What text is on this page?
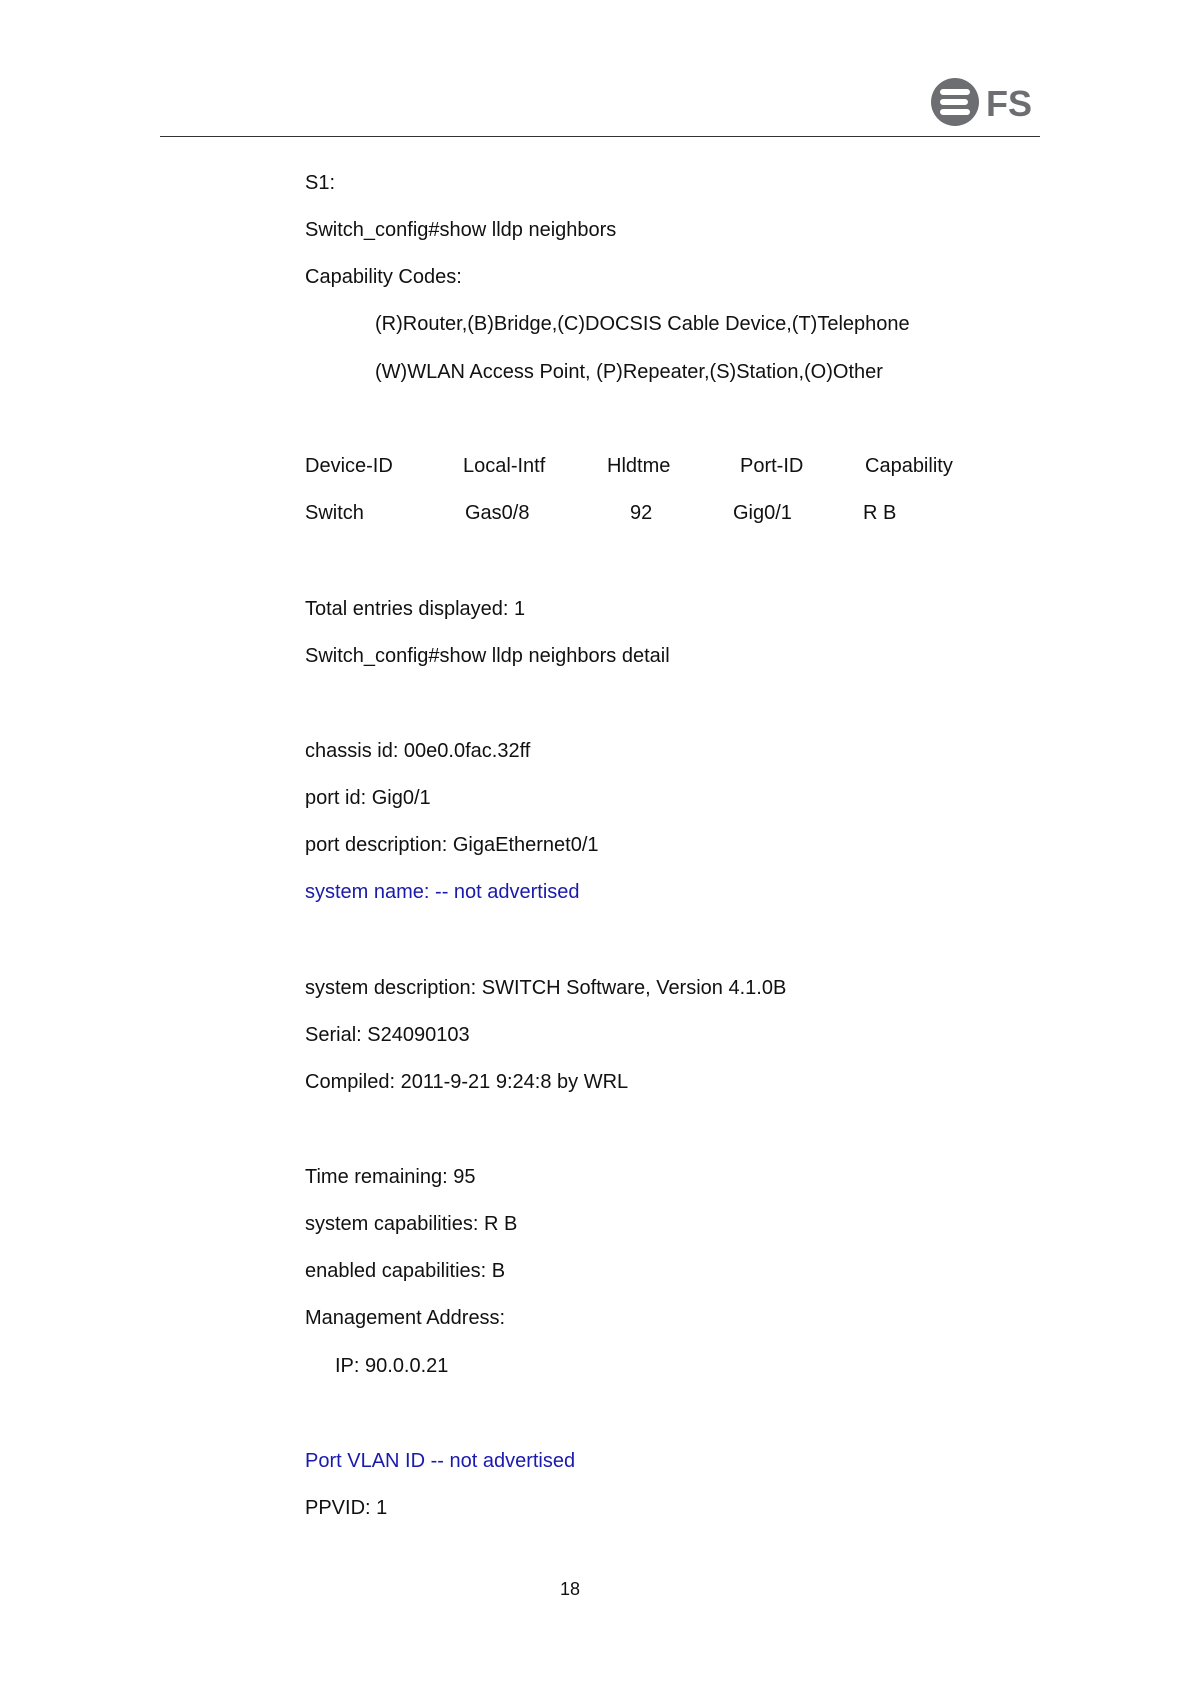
FS
S1:
Switch_config#show lldp neighbors
Capability Codes:
(R)Router,(B)Bridge,(C)DOCSIS Cable Device,(T)Telephone
(W)WLAN Access Point, (P)Repeater,(S)Station,(O)Other
Device-ID	Local-Intf	Hldtme	Port-ID	Capability
Switch	Gas0/8	92	Gig0/1	R B
Total entries displayed: 1
Switch_config#show lldp neighbors detail
chassis id: 00e0.0fac.32ff
port id: Gig0/1
port description: GigaEthernet0/1
system name: -- not advertised
system description: SWITCH Software, Version 4.1.0B
Serial: S24090103
Compiled: 2011-9-21 9:24:8 by WRL
Time remaining: 95
system capabilities: R B
enabled capabilities: B
Management Address:
IP: 90.0.0.21
Port VLAN ID -- not advertised
PPVID: 1
18
